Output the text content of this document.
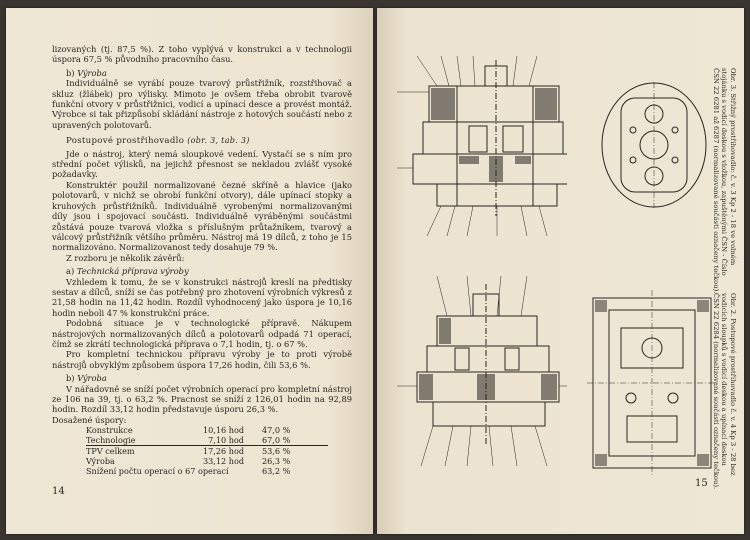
lizovaných (tj. 87,5 %). Z toho vyplývá v konstrukci a v technologii úspora 67,5 % původního pracovního času.

b) Výroba

Individuálně se vyrábí pouze tvarový průstřižník, rozstřihovač a skluz (žlábek) pro výlisky. Mimoto je ovšem třeba obrobit tvarově funkční otvory v průstřižnici, vodicí a upínací desce a provést montáž. Výrobce si tak přizpůsobí skládání nástroje z hotových součástí nebo z upravených polotovarů.

Postupové prostřihovadlo (obr. 3, tab. 3)

Jde o nástroj, který nemá sloupkové vedení. Vystačí se s ním pro střední počet výlisků, na jejichž přesnost se nekladou zvlášť vysoké požadavky.

Konstruktér použil normalizované čezné skříně a hlavice (jako polotovarů, v nichž se obrobí funkční otvory), dále upínací stopky a kruhových průstřižníků. Individuálně vyrobenými normalizovanými díly jsou i spojovací součásti. Individuálně vyráběnými součástmi zůstává pouze tvarová vložka s příslušným průtažníkem, tvarový a válcový průstřižník většího průměru. Nástroj má 19 dílců, z toho je 15 normalizováno. Normalizovanost tedy dosahuje 79 %.

Z rozboru je několik závěrů:

a) Technická příprava výroby

Vzhledem k tomu, že se v konstrukci nástrojů kreslí na předtisky sestav a dílců, sníží se čas potřebný pro zhotovení výrobních výkresů z 21,58 hodin na 11,42 hodin. Rozdíl vyhodnocený jako úspora je 10,16 hodin neboli 47 % konstrukční práce.

Podobná situace je v technologické přípravě. Nákupem nástrojových normalizovaných dílců a polotovarů odpadá 71 operací, čímž se zkrátí technologická příprava o 7,1 hodin, tj. o 67 %.

Pro kompletní technickou přípravu výroby je to proti výrobě nástrojů obvyklým způsobem úspora 17,26 hodin, čili 53,6 %.

b) Výroba

V nářadovně se sníží počet výrobních operací pro kompletní nástroj ze 106 na 39, tj. o 63,2 %. Pracnost se sníží z 126,01 hodin na 92,89 hodin. Rozdíl 33,12 hodin představuje úsporu 26,3 %.

Dosažené úspory:

Konstrukce	10,16 hod	47,0 %
Technologie	7,10 hod	67,0 %
TPV celkem	17,26 hod	53,6 %
Výroba	33,12 hod	26,3 %
Snížení počtu operací o 67 operací		63,2 %
14
Obr. 3. Střižný prostřihovadlo: č. v. 3 Kp 2 - 18 ve volném
stojánku s vodicí deskou s vložkou, zapuštěnými ČSN - Číslo
ČSN 22 6281 až 6287 (normalizované součásti označeny tečkou).
Obr. 2. Postupové prostřihovadlo č. v. 4 Kp 3 - 28 bez
vodicích sloupků s vodicí deskou a upínací deskou
ČSN 22 6284 (normalizované součásti označeny tečkou).
15
